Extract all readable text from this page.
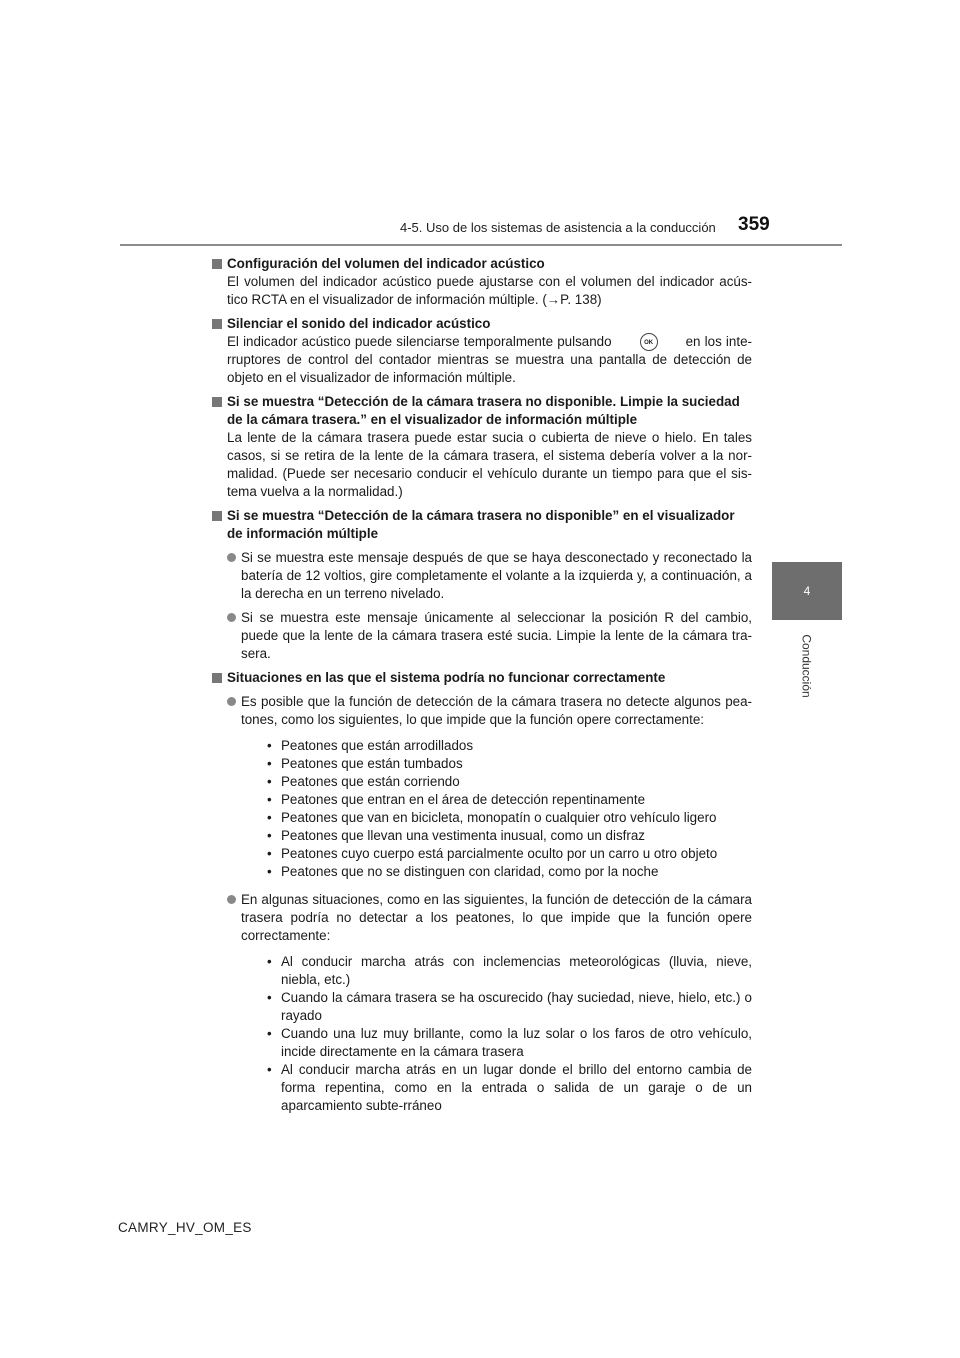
4-5. Uso de los sistemas de asistencia a la conducción 359
4
Conducción
Configuración del volumen del indicador acústico
El volumen del indicador acústico puede ajustarse con el volumen del indicador acús-tico RCTA en el visualizador de información múltiple. (→P. 138)
Silenciar el sonido del indicador acústico
El indicador acústico puede silenciarse temporalmente pulsando	OK en los inte-rruptores de control del contador mientras se muestra una pantalla de detección de objeto en el visualizador de información múltiple.
Si se muestra “Detección de la cámara trasera no disponible. Limpie la suciedad de la cámara trasera.” en el visualizador de información múltiple
La lente de la cámara trasera puede estar sucia o cubierta de nieve o hielo. En tales casos, si se retira de la lente de la cámara trasera, el sistema debería volver a la nor-malidad. (Puede ser necesario conducir el vehículo durante un tiempo para que el sis-tema vuelva a la normalidad.)
Si se muestra “Detección de la cámara trasera no disponible” en el visualizador de información múltiple
Si se muestra este mensaje después de que se haya desconectado y reconectado la batería de 12 voltios, gire completamente el volante a la izquierda y, a continuación, a la derecha en un terreno nivelado.
Si se muestra este mensaje únicamente al seleccionar la posición R del cambio, puede que la lente de la cámara trasera esté sucia. Limpie la lente de la cámara tra-sera.
Situaciones en las que el sistema podría no funcionar correctamente
Es posible que la función de detección de la cámara trasera no detecte algunos pea-tones, como los siguientes, lo que impide que la función opere correctamente:
• Peatones que están arrodillados
• Peatones que están tumbados
• Peatones que están corriendo
• Peatones que entran en el área de detección repentinamente
• Peatones que van en bicicleta, monopatín o cualquier otro vehículo ligero
• Peatones que llevan una vestimenta inusual, como un disfraz
• Peatones cuyo cuerpo está parcialmente oculto por un carro u otro objeto
• Peatones que no se distinguen con claridad, como por la noche
En algunas situaciones, como en las siguientes, la función de detección de la cámara trasera podría no detectar a los peatones, lo que impide que la función opere correctamente:
• Al conducir marcha atrás con inclemencias meteorológicas (lluvia, nieve, niebla, etc.)
• Cuando la cámara trasera se ha oscurecido (hay suciedad, nieve, hielo, etc.) o rayado
• Cuando una luz muy brillante, como la luz solar o los faros de otro vehículo, incide directamente en la cámara trasera
• Al conducir marcha atrás en un lugar donde el brillo del entorno cambia de forma repentina, como en la entrada o salida de un garaje o de un aparcamiento subte-rráneo
CAMRY_HV_OM_ES
